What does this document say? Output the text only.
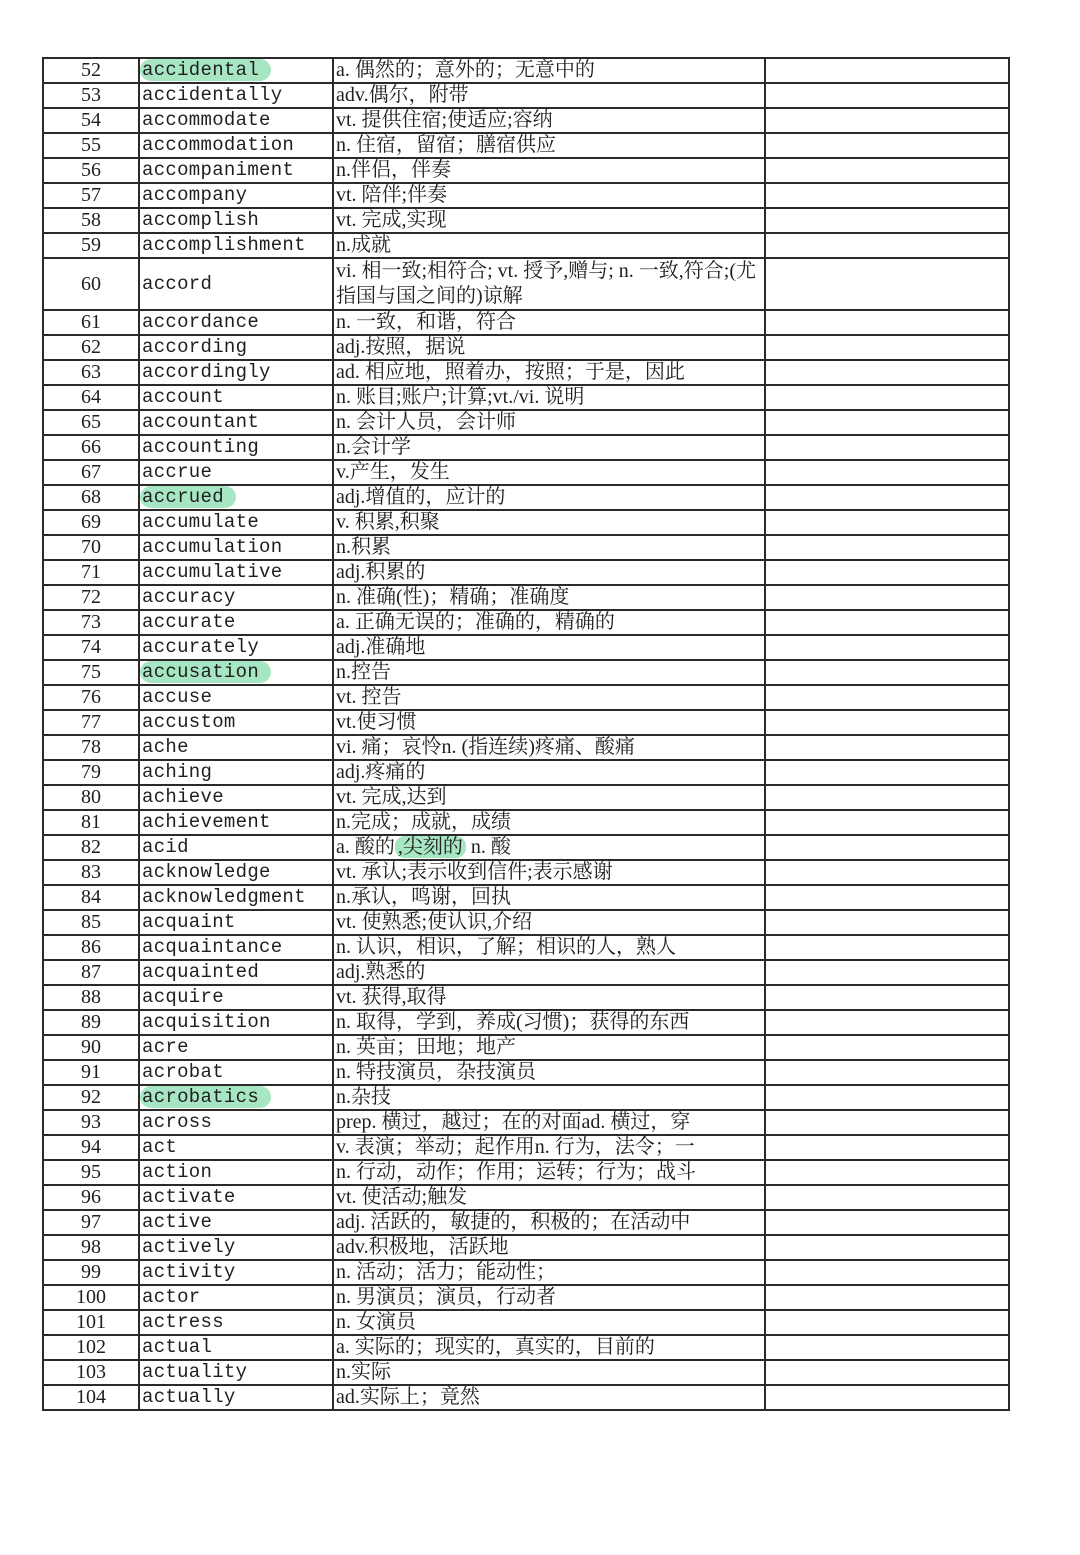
52	accidental	a. 偶然的；意外的；无意中的	
53	accidentally	adv.偶尔，附带	
54	accommodate	vt. 提供住宿;使适应;容纳	
55	accommodation	n. 住宿，留宿；膳宿供应	
56	accompaniment	n.伴侣，伴奏	
57	accompany	vt. 陪伴;伴奏	
58	accomplish	vt. 完成,实现	
59	accomplishment	n.成就	
60	accord	vi. 相一致;相符合; vt. 授予,赠与; n. 一致,符合;(尤指国与国之间的)谅解	
61	accordance	n. 一致，和谐，符合	
62	according	adj.按照，据说	
63	accordingly	ad. 相应地，照着办，按照；于是，因此	
64	account	n. 账目;账户;计算;vt./vi. 说明	
65	accountant	n. 会计人员，会计师	
66	accounting	n.会计学	
67	accrue	v.产生，发生	
68	accrued	adj.增值的，应计的	
69	accumulate	v. 积累,积聚	
70	accumulation	n.积累	
71	accumulative	adj.积累的	
72	accuracy	n. 准确(性)；精确；准确度	
73	accurate	a. 正确无误的；准确的，精确的	
74	accurately	adj.准确地	
75	accusation	n.控告	
76	accuse	vt. 控告	
77	accustom	vt.使习惯	
78	ache	vi. 痛；哀怜n. (指连续)疼痛、酸痛	
79	aching	adj.疼痛的	
80	achieve	vt. 完成,达到	
81	achievement	n.完成；成就，成绩	
82	acid	a. 酸的 ,尖刻的 n. 酸	
83	acknowledge	vt. 承认;表示收到信件;表示感谢	
84	acknowledgment	n.承认，鸣谢，回执	
85	acquaint	vt. 使熟悉;使认识,介绍	
86	acquaintance	n. 认识，相识，了解；相识的人，熟人	
87	acquainted	adj.熟悉的	
88	acquire	vt. 获得,取得	
89	acquisition	n. 取得，学到，养成(习惯)；获得的东西	
90	acre	n. 英亩；田地；地产	
91	acrobat	n. 特技演员，杂技演员	
92	acrobatics	n.杂技	
93	across	prep. 横过，越过；在的对面ad. 横过，穿	
94	act	v. 表演；举动；起作用n. 行为，法令；一	
95	action	n. 行动，动作；作用；运转；行为；战斗	
96	activate	vt. 使活动;触发	
97	active	adj. 活跃的，敏捷的，积极的；在活动中	
98	actively	adv.积极地，活跃地	
99	activity	n. 活动；活力；能动性；	
100	actor	n. 男演员；演员，行动者	
101	actress	n. 女演员	
102	actual	a. 实际的；现实的，真实的，目前的	
103	actuality	n.实际	
104	actually	ad.实际上；竟然	
